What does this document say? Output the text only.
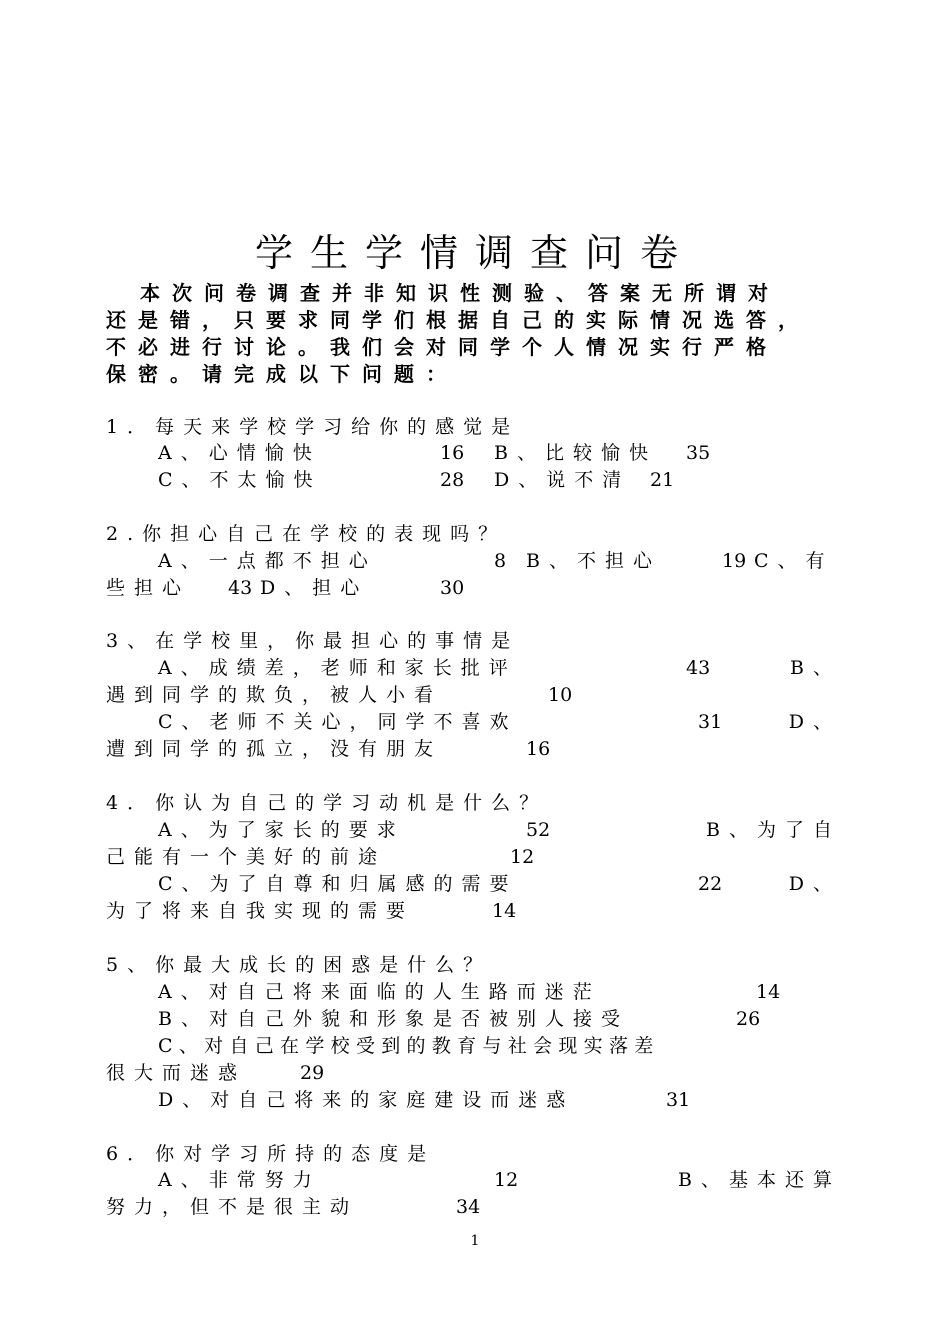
学生学情调查问卷

本次问卷调查并非知识性测验、答案无所谓对

还是错，只要求同学们根据自己的实际情况选答，

不必进行讨论。我们会对同学个人情况实行严格

保密。请完成以下问题：

1．每天来学校学习给你的感觉是

A、心情愉快	16 B、比较愉快 35
C、不太愉快	28 D、说不清 21

2.你担心自己在学校的表现吗？

A、一点都不担心	8 B、不担心	19 C、有
些担心 43 D、担心	30

3、在学校里，你最担心的事情是

A、成绩差，老师和家长批评	43	B、
遇到同学的欺负，被人小看	10
C、老师不关心，同学不喜欢	31	D、
遭到同学的孤立，没有朋友	16

4．你认为自己的学习动机是什么？

A、为了家长的要求	52	B、为了自
己能有一个美好的前途	12
C、为了自尊和归属感的需要	22	D、
为了将来自我实现的需要	14

5、你最大成长的困惑是什么？

A、对自己将来面临的人生路而迷茫	14
B、对自己外貌和形象是否被别人接受	26
C、对自己在学校受到的教育与社会现实落差
很大而迷惑	29
D、对自己将来的家庭建设而迷惑	31

6．你对学习所持的态度是

A、非常努力	12	B、基本还算
努力，但不是很主动	34
1
